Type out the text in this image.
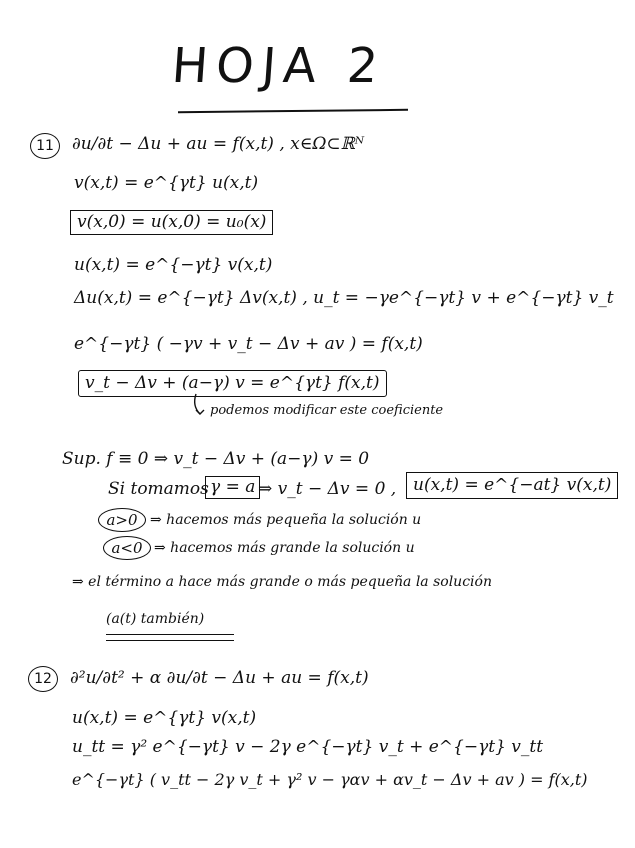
HOJA 2
11	∂u/∂t − Δu + au = f(x,t) , x∈Ω⊂ℝᴺ
v(x,t) = e^{γt} u(x,t)
v(x,0) = u(x,0) = u₀(x)
u(x,t) = e^{−γt} v(x,t)
Δu(x,t) = e^{−γt} Δv(x,t) , u_t = −γe^{−γt} v + e^{−γt} v_t
e^{−γt} ( −γv + v_t − Δv + av ) = f(x,t)
v_t − Δv + (a−γ) v = e^{γt} f(x,t)
podemos modificar este coeficiente
Sup. f ≡ 0 ⇒ v_t − Δv + (a−γ) v = 0
Si tomamos γ = a ⇒ v_t − Δv = 0 , u(x,t) = e^{−at} v(x,t)
a>0 ⇒ hacemos más pequeña la solución u
a<0 ⇒ hacemos más grande la solución u
⇒ el término a hace más grande o más pequeña la solución
(a(t) también)
12	∂²u/∂t² + α ∂u/∂t − Δu + au = f(x,t)
u(x,t) = e^{γt} v(x,t)
u_tt = γ² e^{−γt} v − 2γ e^{−γt} v_t + e^{−γt} v_tt
e^{−γt} ( v_tt − 2γ v_t + γ² v − γαv + αv_t − Δv + av ) = f(x,t)
